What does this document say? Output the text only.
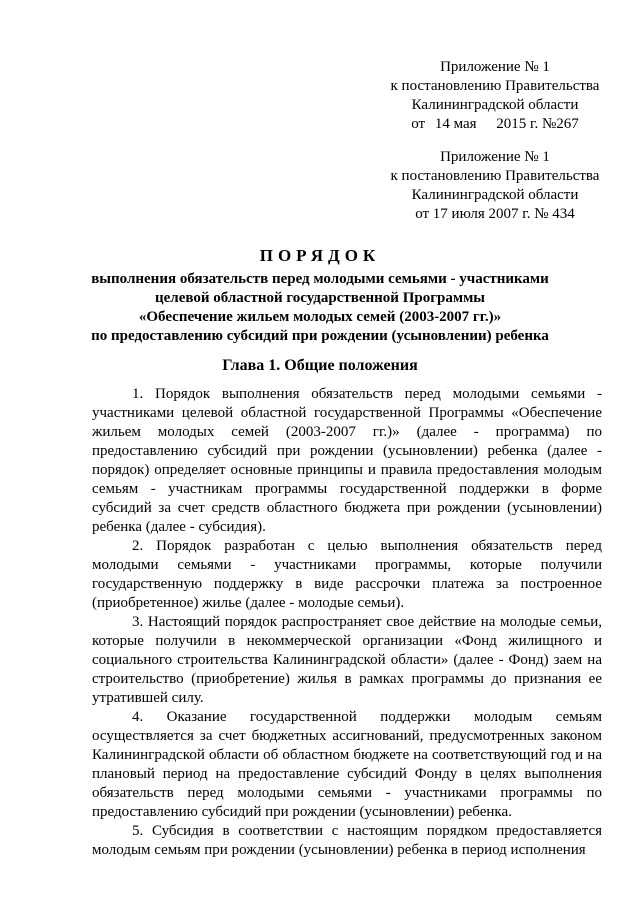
Приложение № 1
к постановлению Правительства
Калининградской области
от 14 мая 2015 г. №267
Приложение № 1
к постановлению Правительства
Калининградской области
от 17 июля 2007 г. № 434
ПОРЯДОК
выполнения обязательств перед молодыми семьями - участниками
целевой областной государственной Программы
«Обеспечение жильем молодых семей (2003-2007 гг.)»
по предоставлению субсидий при рождении (усыновлении) ребенка
Глава 1. Общие положения

1. Порядок выполнения обязательств перед молодыми семьями - участниками целевой областной государственной Программы «Обеспечение жильем молодых семей (2003-2007 гг.)» (далее - программа) по предоставлению субсидий при рождении (усыновлении) ребенка (далее - порядок) определяет основные принципы и правила предоставления молодым семьям - участникам программы государственной поддержки в форме субсидий за счет средств областного бюджета при рождении (усыновлении) ребенка (далее - субсидия).

2. Порядок разработан с целью выполнения обязательств перед молодыми семьями - участниками программы, которые получили государственную поддержку в виде рассрочки платежа за построенное (приобретенное) жилье (далее - молодые семьи).

3. Настоящий порядок распространяет свое действие на молодые семьи, которые получили в некоммерческой организации «Фонд жилищного и социального строительства Калининградской области» (далее - Фонд) заем на строительство (приобретение) жилья в рамках программы до признания ее утратившей силу.

4. Оказание государственной поддержки молодым семьям осуществляется за счет бюджетных ассигнований, предусмотренных законом Калининградской области об областном бюджете на соответствующий год и на плановый период на предоставление субсидий Фонду в целях выполнения обязательств перед молодыми семьями - участниками программы по предоставлению субсидий при рождении (усыновлении) ребенка.

5. Субсидия в соответствии с настоящим порядком предоставляется молодым семьям при рождении (усыновлении) ребенка в период исполнения
